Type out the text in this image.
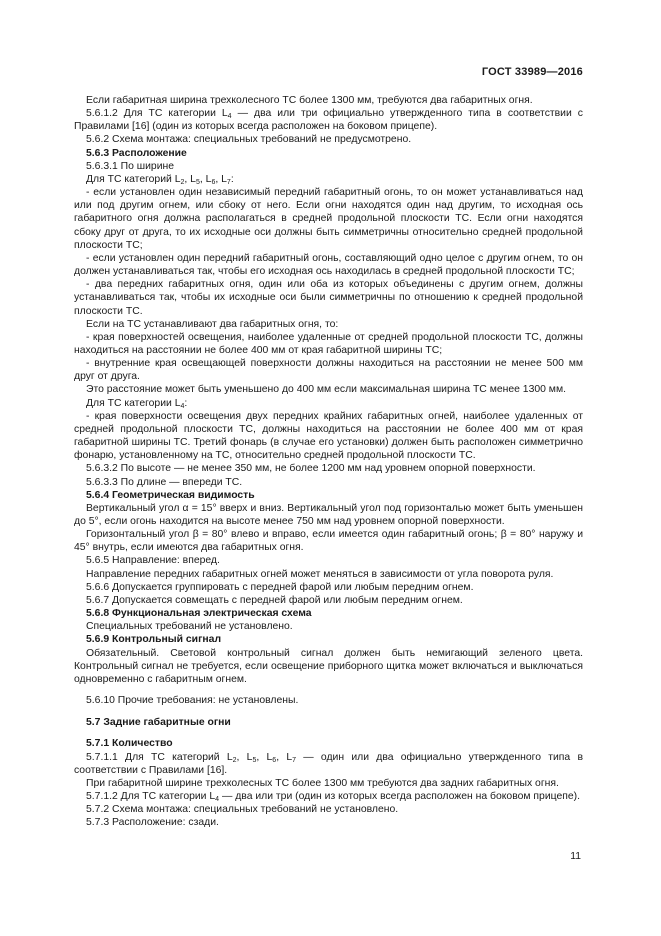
ГОСТ 33989—2016

Если габаритная ширина трехколесного ТС более 1300 мм, требуются два габаритных огня.

5.6.1.2 Для ТС категории $L_4$ — два или три официально утвержденного типа в соответствии с Правилами [16] (один из которых всегда расположен на боковом прицепе).

5.6.2 Схема монтажа: специальных требований не предусмотрено.

5.6.3 Расположение

5.6.3.1 По ширине

Для ТС категорий $L_2$, $L_5$, $L_6$, $L_7$:

- если установлен один независимый передний габаритный огонь, то он может устанавливаться над или под другим огнем, или сбоку от него. Если огни находятся один над другим, то исходная ось габаритного огня должна располагаться в средней продольной плоскости ТС. Если огни находятся сбоку друг от друга, то их исходные оси должны быть симметричны относительно средней продольной плоскости ТС;

- если установлен один передний габаритный огонь, составляющий одно целое с другим огнем, то он должен устанавливаться так, чтобы его исходная ось находилась в средней продольной плоскости ТС;

- два передних габаритных огня, один или оба из которых объединены с другим огнем, должны устанавливаться так, чтобы их исходные оси были симметричны по отношению к средней продольной плоскости ТС.

Если на ТС устанавливают два габаритных огня, то:

- края поверхностей освещения, наиболее удаленные от средней продольной плоскости ТС, должны находиться на расстоянии не более 400 мм от края габаритной ширины ТС;

- внутренние края освещающей поверхности должны находиться на расстоянии не менее 500 мм друг от друга.

Это расстояние может быть уменьшено до 400 мм если максимальная ширина ТС менее 1300 мм.

Для ТС категории $L_4$:

- края поверхности освещения двух передних крайних габаритных огней, наиболее удаленных от средней продольной плоскости ТС, должны находиться на расстоянии не более 400 мм от края габаритной ширины ТС. Третий фонарь (в случае его установки) должен быть расположен симметрично фонарю, установленному на ТС, относительно средней продольной плоскости ТС.

5.6.3.2 По высоте — не менее 350 мм, не более 1200 мм над уровнем опорной поверхности.

5.6.3.3 По длине — впереди ТС.

5.6.4 Геометрическая видимость

Вертикальный угол α = 15° вверх и вниз. Вертикальный угол под горизонталью может быть уменьшен до 5°, если огонь находится на высоте менее 750 мм над уровнем опорной поверхности.

Горизонтальный угол β = 80° влево и вправо, если имеется один габаритный огонь; β = 80° наружу и 45° внутрь, если имеются два габаритных огня.

5.6.5 Направление: вперед.

Направление передних габаритных огней может меняться в зависимости от угла поворота руля.

5.6.6 Допускается группировать с передней фарой или любым передним огнем.

5.6.7 Допускается совмещать с передней фарой или любым передним огнем.

5.6.8 Функциональная электрическая схема

Специальных требований не установлено.

5.6.9 Контрольный сигнал

Обязательный. Световой контрольный сигнал должен быть немигающий зеленого цвета. Контрольный сигнал не требуется, если освещение приборного щитка может включаться и выключаться одновременно с габаритным огнем.

5.6.10 Прочие требования: не установлены.

5.7 Задние габаритные огни

5.7.1 Количество

5.7.1.1 Для ТС категорий $L_2$, $L_5$, $L_6$, $L_7$ — один или два официально утвержденного типа в соответствии с Правилами [16].

При габаритной ширине трехколесных ТС более 1300 мм требуются два задних габаритных огня.

5.7.1.2 Для ТС категории $L_4$ — два или три (один из которых всегда расположен на боковом прицепе).

5.7.2 Схема монтажа: специальных требований не установлено.

5.7.3 Расположение: сзади.

11
